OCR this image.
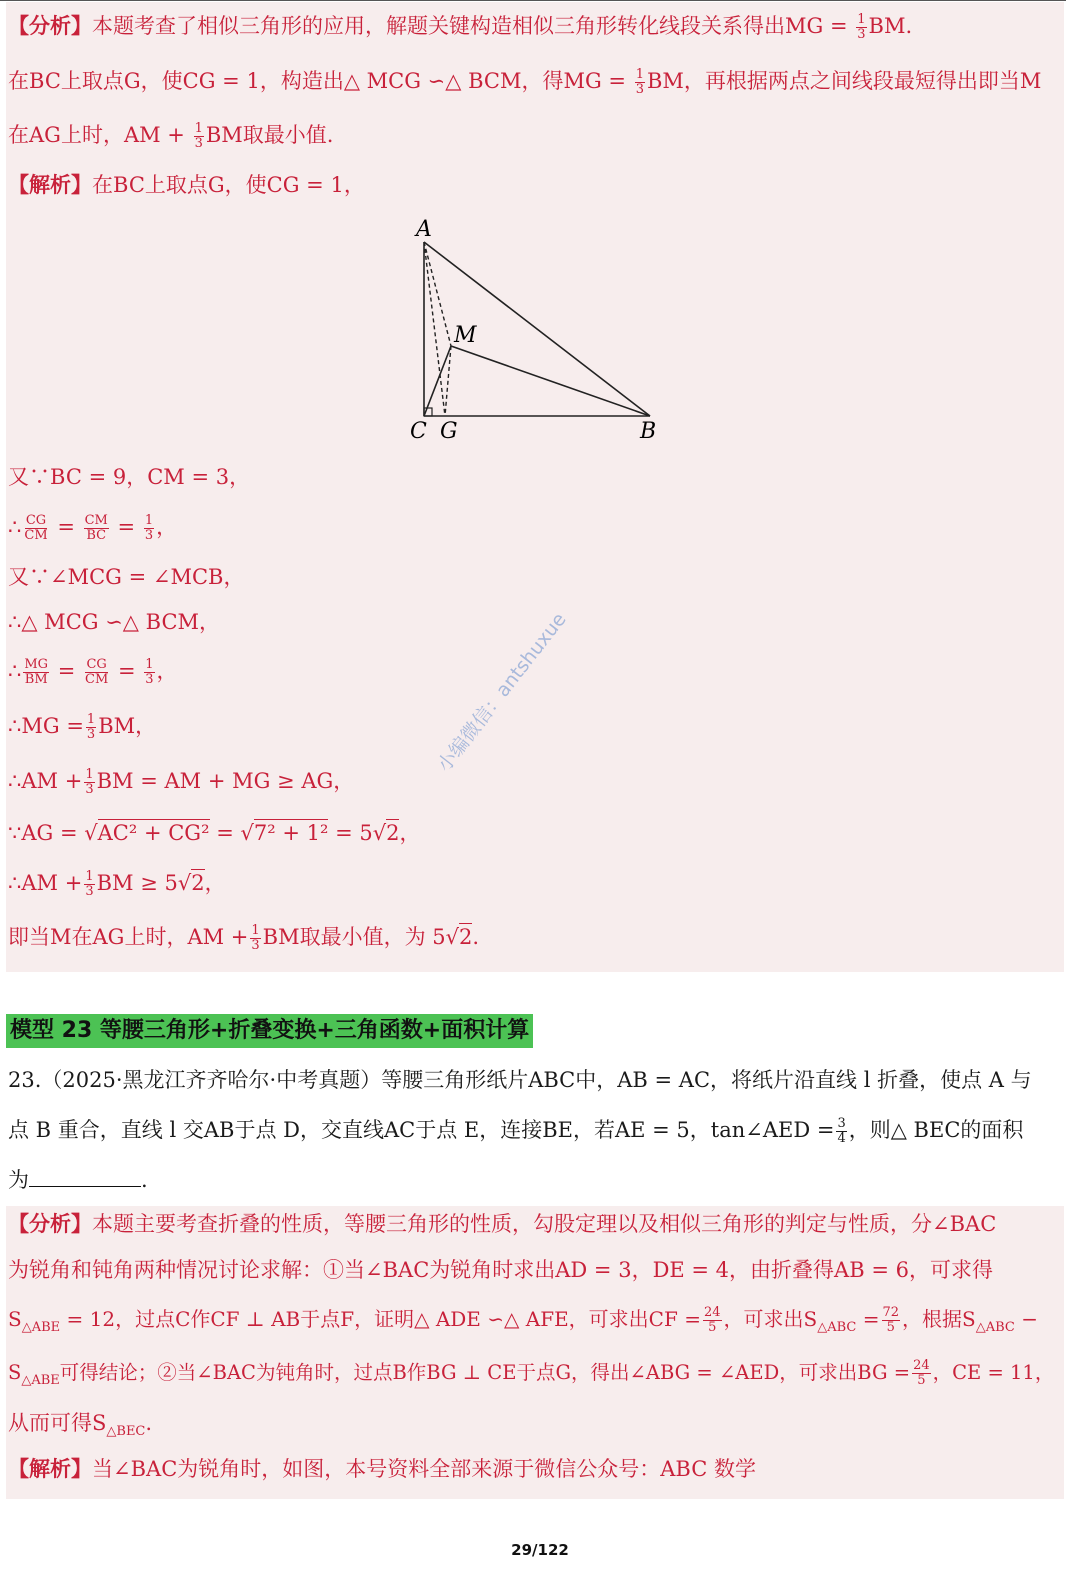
【分析】本题考查了相似三角形的应用，解题关键构造相似三角形转化线段关系得出MG = $\frac{1}{3}$ BM.
在BC上取点G，使CG = 1，构造出△ MCG ∽△ BCM，得MG = $\frac{1}{3}$ BM，再根据两点之间线段最短得出即当M
在AG上时，AM + $\frac{1}{3}$ BM取最小值.
【解析】在BC上取点G，使CG = 1，
A
M
C G	B
又∵BC = 9，CM = 3，
∴ $\frac{CG}{CM} = \frac{CM}{BC} = \frac{1}{3}$ ，
又∵∠MCG = ∠MCB，
∴△ MCG ∽△ BCM，
∴ $\frac{MG}{BM} = \frac{CG}{CM} = \frac{1}{3}$ ，
∴MG = $\frac{1}{3}$ BM，
∴AM + $\frac{1}{3}$ BM = AM + MG ≥ AG，
∵AG = √AC² + CG² = √7² + 1² = 5√2，
∴AM + $\frac{1}{3}$ BM ≥ 5√2，
即当M在AG上时，AM + $\frac{1}{3}$ BM取最小值，为 5√2.
小编微信：antshuxue
模型 23 等腰三角形+折叠变换+三角函数+面积计算
23.（2025·黑龙江齐齐哈尔·中考真题）等腰三角形纸片ABC中，AB = AC，将纸片沿直线 l 折叠，使点 A 与
点 B 重合，直线 l 交AB于点 D，交直线AC于点 E，连接BE，若AE = 5，tan∠AED = $\frac{3}{4}$ ，则△ BEC的面积
为	.
【分析】本题主要考查折叠的性质，等腰三角形的性质，勾股定理以及相似三角形的判定与性质，分∠BAC
为锐角和钝角两种情况讨论求解：①当∠BAC为锐角时求出AD = 3，DE = 4，由折叠得AB = 6，可求得
$S_{\triangle ABE} = 12$，过点C作CF ⊥ AB于点F，证明△ ADE ∽△ AFE，可求出CF = $\frac{24}{5}$ ，可求出$S_{\triangle ABC} = \frac{72}{5}$ ，根据$S_{\triangle ABC}$ −
$S_{\triangle ABE}$可得结论；②当∠BAC为钝角时，过点B作BG ⊥ CE于点G，得出∠ABG = ∠AED，可求出BG = $\frac{24}{5}$ ，CE = 11，
从而可得$S_{\triangle BEC}$.
【解析】当∠BAC为锐角时，如图，本号资料全部来源于微信公众号：ABC 数学
29/122
